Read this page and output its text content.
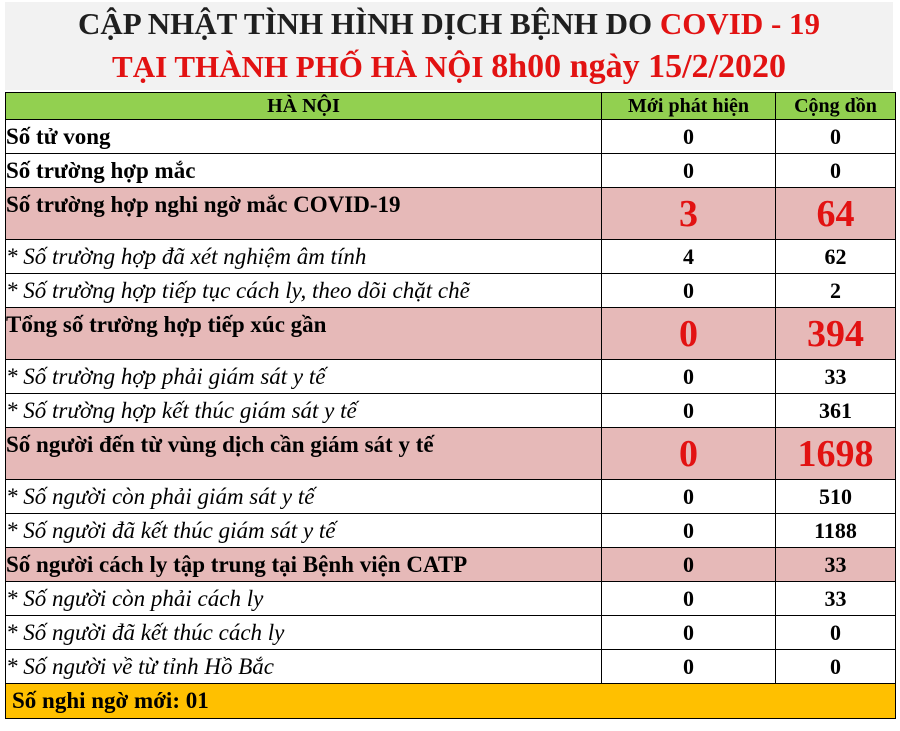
CẬP NHẬT TÌNH HÌNH DỊCH BỆNH DO COVID - 19
TẠI THÀNH PHỐ HÀ NỘI 8h00 ngày 15/2/2020
HÀ NỘI	Mới phát hiện	Cộng dồn
Số tử vong	0	0
Số trường hợp mắc	0	0
Số trường hợp nghi ngờ mắc COVID-19	3	64
* Số trường hợp đã xét nghiệm âm tính	4	62
* Số trường hợp tiếp tục cách ly, theo dõi chặt chẽ	0	2
Tổng số trường hợp tiếp xúc gần	0	394
* Số trường hợp phải giám sát y tế	0	33
* Số trường hợp kết thúc giám sát y tế	0	361
Số người đến từ vùng dịch cần giám sát y tế	0	1698
* Số người còn phải giám sát y tế	0	510
* Số người đã kết thúc giám sát y tế	0	1188
Số người cách ly tập trung tại Bệnh viện CATP	0	33
* Số người còn phải cách ly	0	33
* Số người đã kết thúc cách ly	0	0
* Số người về từ tỉnh Hồ Bắc	0	0
Số nghi ngờ mới: 01		
